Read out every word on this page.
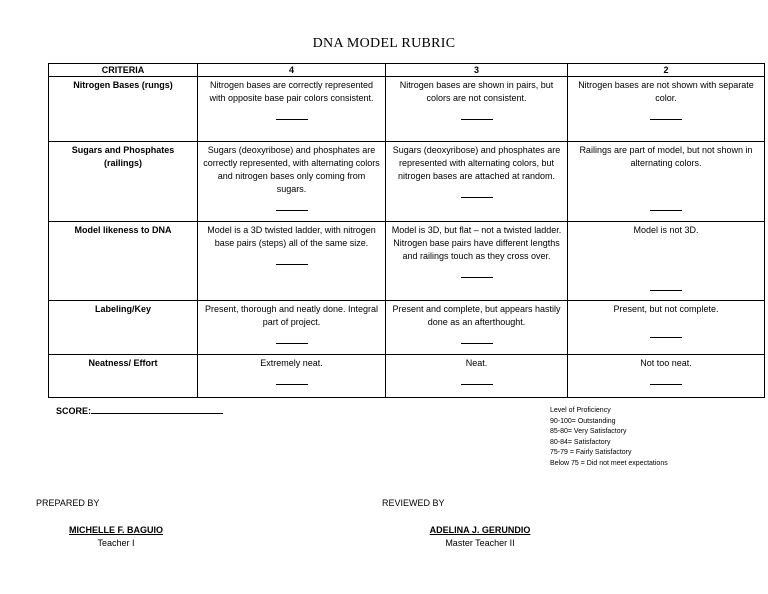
DNA MODEL RUBRIC
CRITERIA	4	3	2
Nitrogen Bases (rungs)	Nitrogen bases are correctly represented with opposite base pair colors consistent.	Nitrogen bases are shown in pairs, but colors are not consistent.	Nitrogen bases are not shown with separate color.

Sugars and Phosphates (railings)	Sugars (deoxyribose) and phosphates are correctly represented, with alternating colors and nitrogen bases only coming from sugars.	Sugars (deoxyribose) and phosphates are represented with alternating colors, but nitrogen bases are attached at random.	Railings are part of model, but not shown in alternating colors.

Model likeness to DNA	Model is a 3D twisted ladder, with nitrogen base pairs (steps) all of the same size.	Model is 3D, but flat – not a twisted ladder. Nitrogen base pairs have different lengths and railings touch as they cross over.	Model is not 3D.

Labeling/Key	Present, thorough and neatly done. Integral part of project.	Present and complete, but appears hastily done as an afterthought.	Present, but not complete.

Neatness/ Effort	Extremely neat.	Neat.	Not too neat.
SCORE:	Level of Proficiency
90-100= Outstanding
85-80= Very Satisfactory
80-84= Satisfactory
75-79 = Fairly Satisfactory
Below 75 = Did not meet expectations
PREPARED BY	REVIEWED BY
MICHELLE F. BAGUIO
Teacher I
ADELINA J. GERUNDIO
Master Teacher II
